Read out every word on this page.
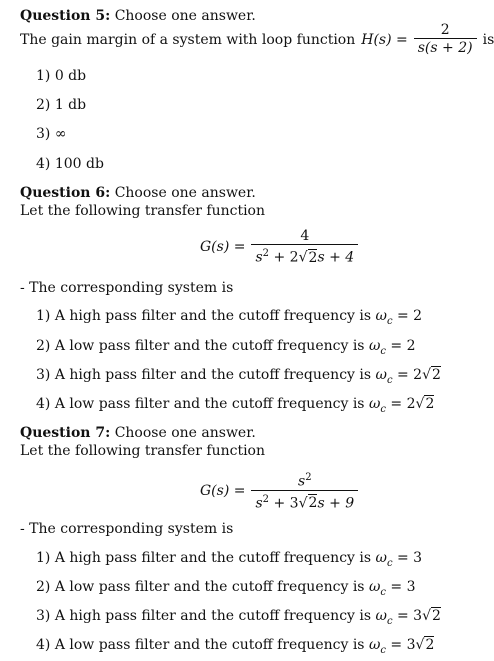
Question 5: Choose one answer.
The gain margin of a system with loop function $H(s) = \frac{2}{s(s + 2)}$ is
1) 0 db
2) 1 db
3) ∞
4) 100 db
Question 6: Choose one answer.
Let the following transfer function
$G(s) = \frac{4}{s^2 + 2√2s + 4}$
- The corresponding system is
1) A high pass filter and the cutoff frequency is $\omega_c = 2$
2) A low pass filter and the cutoff frequency is $\omega_c = 2$
3) A high pass filter and the cutoff frequency is $\omega_c = 2√2$
4) A low pass filter and the cutoff frequency is $\omega_c = 2√2$
Question 7: Choose one answer.
Let the following transfer function
$G(s) = \frac{s^2}{s^2 + 3√2s + 9}$
- The corresponding system is
1) A high pass filter and the cutoff frequency is $\omega_c = 3$
2) A low pass filter and the cutoff frequency is $\omega_c = 3$
3) A high pass filter and the cutoff frequency is $\omega_c = 3√2$
4) A low pass filter and the cutoff frequency is $\omega_c = 3√2$
